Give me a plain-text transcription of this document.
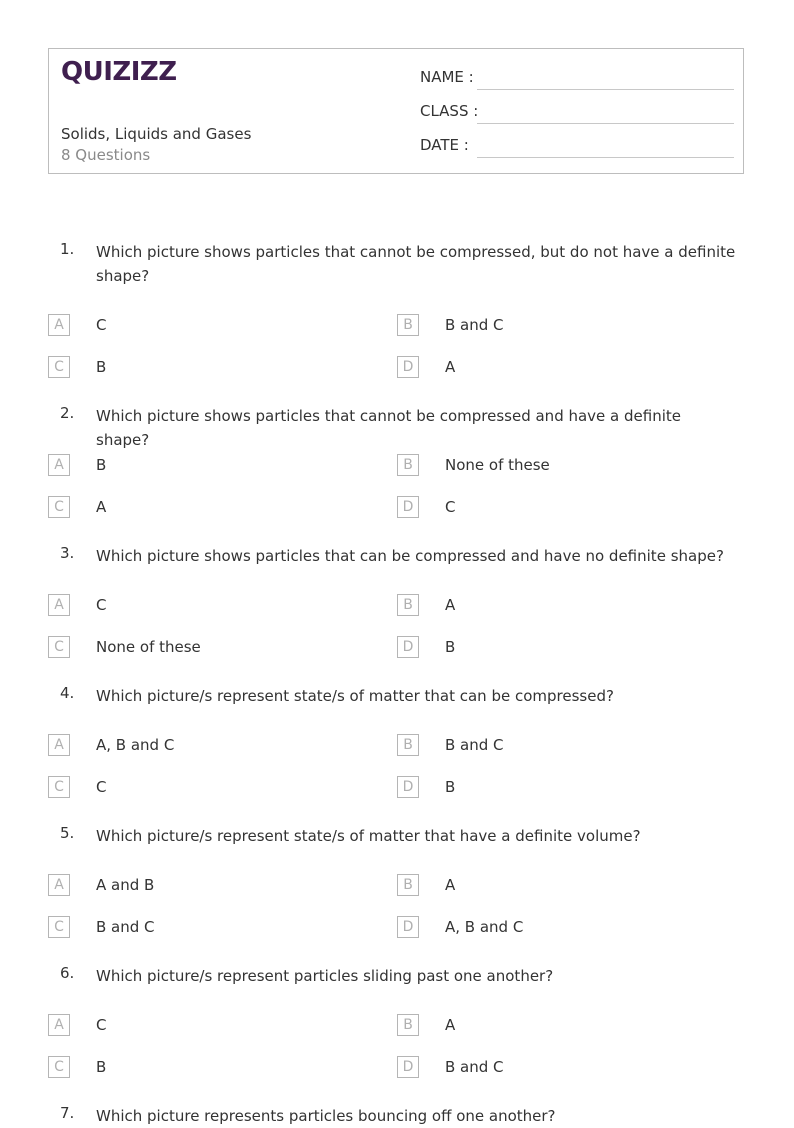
QUIZIZZ
Solids, Liquids and Gases
8 Questions
NAME :
CLASS :
DATE :
1. Which picture shows particles that cannot be compressed, but do not have a definite shape?
A	C	B	B and C
C	B	D	A
2. Which picture shows particles that cannot be compressed and have a definite shape?
A	B	B	None of these
C	A	D	C
3. Which picture shows particles that can be compressed and have no definite shape?
A	C	B	A
C	None of these	D	B
4. Which picture/s represent state/s of matter that can be compressed?
A	A, B and C	B	B and C
C	C	D	B
5. Which picture/s represent state/s of matter that have a definite volume?
A	A and B	B	A
C	B and C	D	A, B and C
6. Which picture/s represent particles sliding past one another?
A	C	B	A
C	B	D	B and C
7. Which picture represents particles bouncing off one another?
